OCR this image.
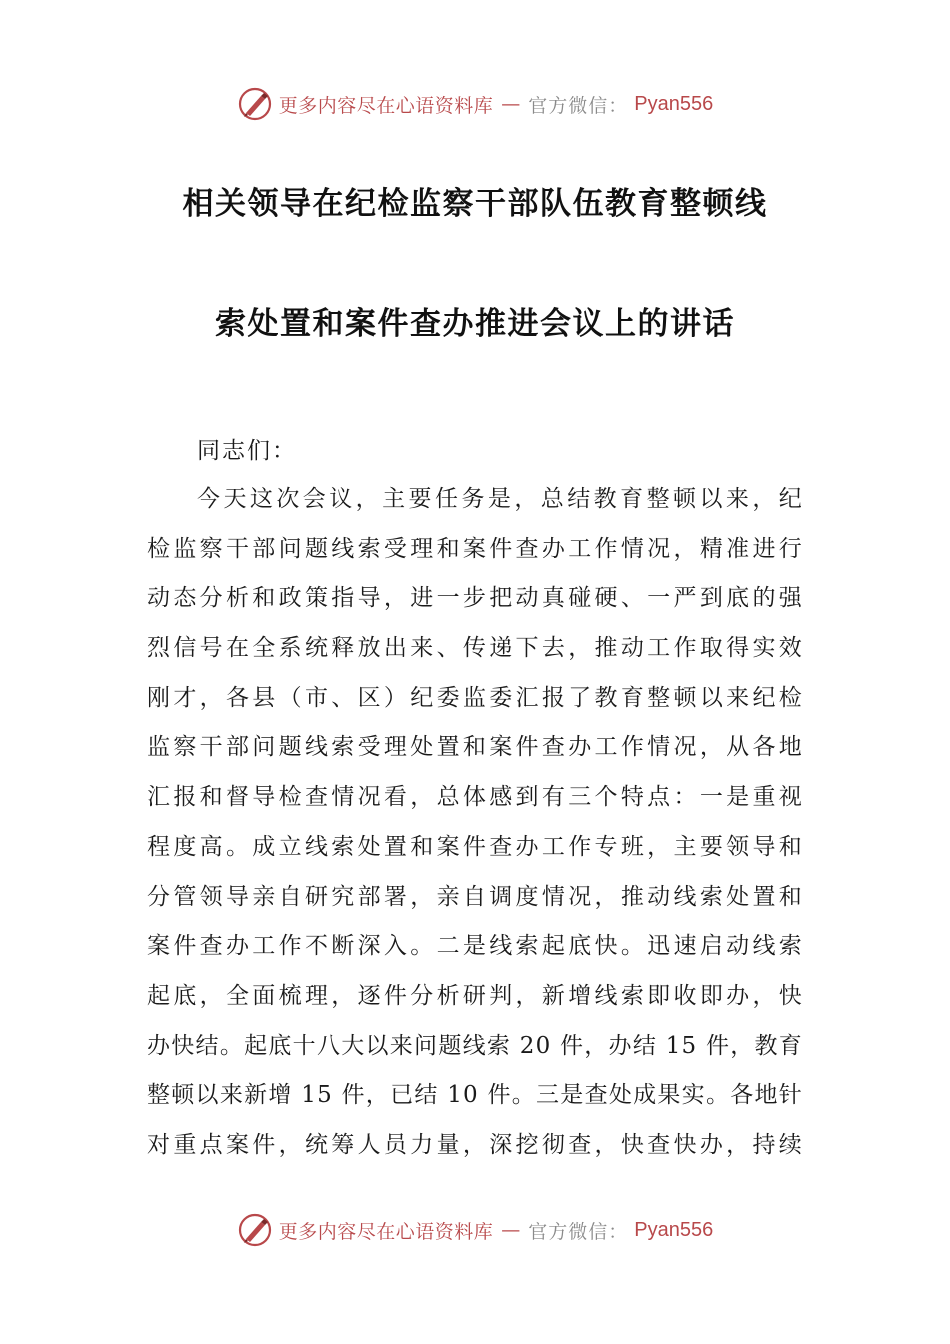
更多内容尽在心语资料库 — 官方微信： Pyan556
相关领导在纪检监察干部队伍教育整顿线
索处置和案件查办推进会议上的讲话
同志们：
今天这次会议，主要任务是，总结教育整顿以来，纪
检监察干部问题线索受理和案件查办工作情况，精准进行
动态分析和政策指导，进一步把动真碰硬、一严到底的强
烈信号在全系统释放出来、传递下去，推动工作取得实效
刚才，各县（市、区）纪委监委汇报了教育整顿以来纪检
监察干部问题线索受理处置和案件查办工作情况，从各地
汇报和督导检查情况看，总体感到有三个特点：一是重视
程度高。成立线索处置和案件查办工作专班，主要领导和
分管领导亲自研究部署，亲自调度情况，推动线索处置和
案件查办工作不断深入。二是线索起底快。迅速启动线索
起底，全面梳理，逐件分析研判，新增线索即收即办，快
办快结。起底十八大以来问题线索 20 件，办结 15 件，教育
整顿以来新增 15 件，已结 10 件。三是查处成果实。各地针
对重点案件，统筹人员力量，深挖彻查，快查快办，持续
更多内容尽在心语资料库 — 官方微信： Pyan556
